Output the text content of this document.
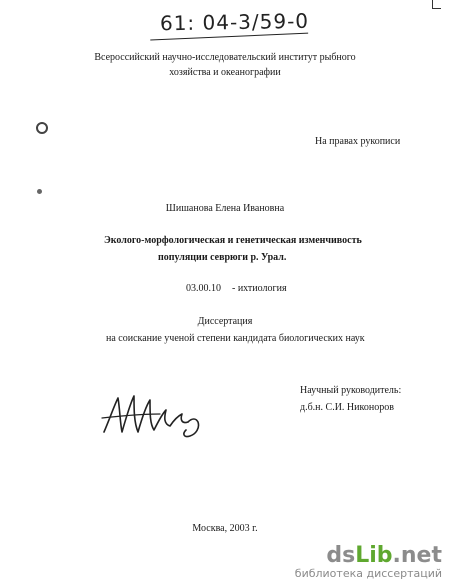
61: 04-3/59-0
Всероссийский научно-исследовательский институт рыбного
хозяйства и океанографии
На правах рукописи
Шишанова Елена Ивановна
Эколого-морфологическая и генетическая изменчивость
популяции севрюги р. Урал.
03.00.10 - ихтиология
Диссертация
на соискание ученой степени кандидата биологических наук
Научный руководитель:
д.б.н. С.И. Никоноров
Москва, 2003 г.
dsLib.net
библиотека диссертаций
